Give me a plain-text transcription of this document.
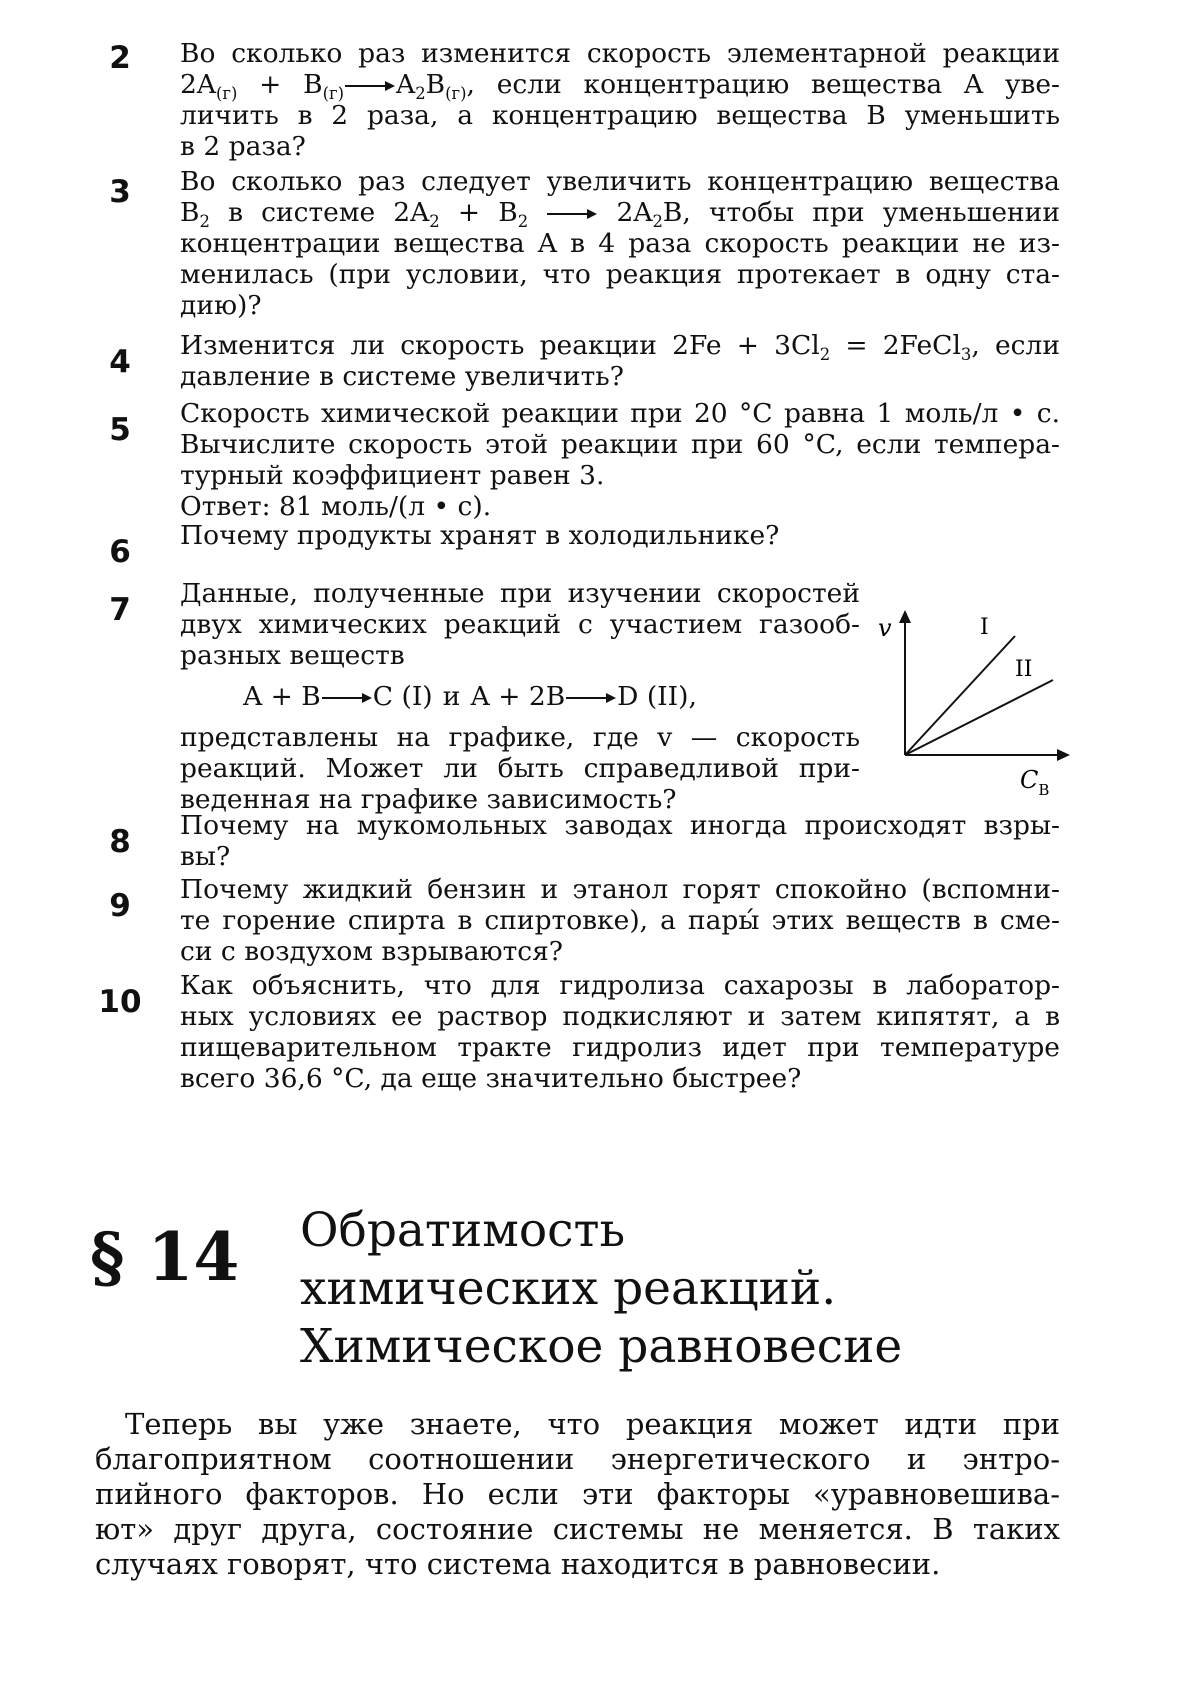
2	Во сколько раз изменится скорость элементарной реакции
$2A_{(г)} + B_{(г)}\to A_2B_{(г)}$, если концентрацию вещества A уве-
личить в 2 раза, а концентрацию вещества B уменьшить
в 2 раза?
3	Во сколько раз следует увеличить концентрацию вещества
$B_2$ в системе $2A_2 + B_2 \to 2A_2B$, чтобы при уменьшении
концентрации вещества A в 4 раза скорость реакции не из-
менилась (при условии, что реакция протекает в одну ста-
дию)?
4	Изменится ли скорость реакции $2Fe + 3Cl_2$ = 2FeCl$_3$, если
давление в системе увеличить?
5	Скорость химической реакции при 20 °C равна 1 моль/л • с.
Вычислите скорость этой реакции при 60 °C, если темпера-
турный коэффициент равен 3.
Ответ: 81 моль/(л • с).
6	Почему продукты хранят в холодильнике?
7	Данные, полученные при изучении скоростей
двух химических реакций с участием газооб-
разных веществ
A + B→C (I) и A + 2B→D (II),
представлены на графике, где v — скорость
реакций. Может ли быть справедливой при-
веденная на графике зависимость?
v	I
II
$C_B$
8	Почему на мукомольных заводах иногда происходят взры-
вы?
9	Почему жидкий бензин и этанол горят спокойно (вспомни-
те горение спирта в спиртовке), а пары́ этих веществ в сме-
си с воздухом взрываются?
10	Как объяснить, что для гидролиза сахарозы в лаборатор-
ных условиях ее раствор подкисляют и затем кипятят, а в
пищеварительном тракте гидролиз идет при температуре
всего 36,6 °C, да еще значительно быстрее?
§ 14 Обратимость
химических реакций.
Химическое равновесие
Теперь вы уже знаете, что реакция может идти при
благоприятном соотношении энергетического и энтро-
пийного факторов. Но если эти факторы «уравновешива-
ют» друг друга, состояние системы не меняется. В таких
случаях говорят, что система находится в равновесии.
